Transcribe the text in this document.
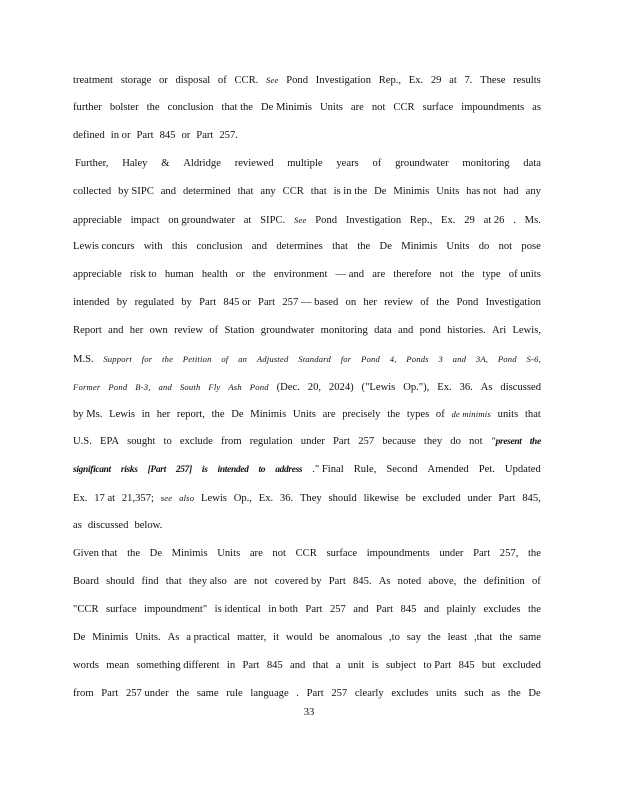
treatment storage or disposal of CCR. See Pond Investigation Rep., Ex. 29 at 7. These results
further bolster the conclusion that the De Minimis Units are not CCR surface impoundments as
defined in or Part 845 or Part 257.
Further, Haley & Aldridge reviewed multiple years of groundwater monitoring data
collected by SIPC and determined that any CCR that is in the De Minimis Units has not had any
appreciable impact on groundwater at SIPC. See Pond Investigation Rep., Ex. 29 at 26 . Ms.
Lewis concurs with this conclusion and determines that the De Minimis Units do not pose
appreciable risk to human health or the environment — and are therefore not the type of units
intended by regulated by Part 845 or Part 257 — based on her review of the Pond Investigation
Report and her own review of Station groundwater monitoring data and pond histories. Ari Lewis,
M.S. Support for the Petition of an Adjusted Standard for Pond 4, Ponds 3 and 3A, Pond S-6,
Former Pond B-3, and South Fly Ash Pond (Dec. 20, 2024) ("Lewis Op."), Ex. 36. As discussed
by Ms. Lewis in her report, the De Minimis Units are precisely the types of de minimis units that
U.S. EPA sought to exclude from regulation under Part 257 because they do not "present the
significant risks [Part 257] is intended to address ." Final Rule, Second Amended Pet. Updated
Ex. 17 at 21,357; see also Lewis Op., Ex. 36. They should likewise be excluded under Part 845,
as discussed below.
Given that the De Minimis Units are not CCR surface impoundments under Part 257, the
Board should find that they also are not covered by Part 845. As noted above, the definition of
"CCR surface impoundment" is identical in both Part 257 and Part 845 and plainly excludes the
De Minimis Units. As a practical matter, it would be anomalous ,to say the least ,that the same
words mean something different in Part 845 and that a unit is subject to Part 845 but excluded
from Part 257 under the same rule language . Part 257 clearly excludes units such as the De
33
